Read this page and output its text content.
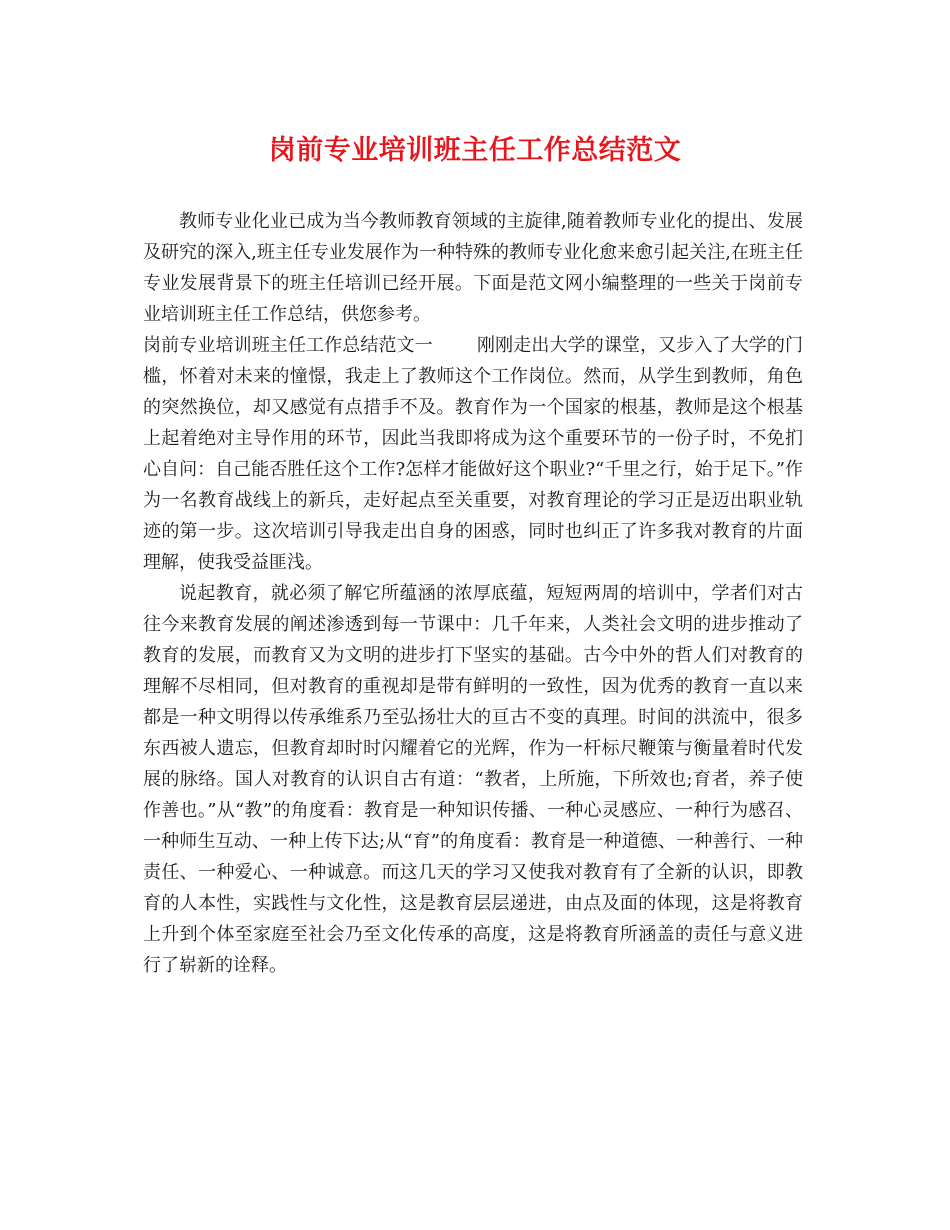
岗前专业培训班主任工作总结范文

教师专业化业已成为当今教师教育领域的主旋律,随着教师专业化的提出、发展及研究的深入,班主任专业发展作为一种特殊的教师专业化愈来愈引起关注,在班主任专业发展背景下的班主任培训已经开展。下面是范文网小编整理的一些关于岗前专业培训班主任工作总结，供您参考。

岗前专业培训班主任工作总结范文一 刚刚走出大学的课堂，又步入了大学的门槛，怀着对未来的憧憬，我走上了教师这个工作岗位。然而，从学生到教师，角色的突然换位，却又感觉有点措手不及。教育作为一个国家的根基，教师是这个根基上起着绝对主导作用的环节，因此当我即将成为这个重要环节的一份子时，不免扪心自问：自己能否胜任这个工作?怎样才能做好这个职业?“千里之行，始于足下。”作为一名教育战线上的新兵，走好起点至关重要，对教育理论的学习正是迈出职业轨迹的第一步。这次培训引导我走出自身的困惑，同时也纠正了许多我对教育的片面理解，使我受益匪浅。

说起教育，就必须了解它所蕴涵的浓厚底蕴，短短两周的培训中，学者们对古往今来教育发展的阐述渗透到每一节课中：几千年来，人类社会文明的进步推动了教育的发展，而教育又为文明的进步打下坚实的基础。古今中外的哲人们对教育的理解不尽相同，但对教育的重视却是带有鲜明的一致性，因为优秀的教育一直以来都是一种文明得以传承维系乃至弘扬壮大的亘古不变的真理。时间的洪流中，很多东西被人遗忘，但教育却时时闪耀着它的光辉，作为一杆标尺鞭策与衡量着时代发展的脉络。国人对教育的认识自古有道：“教者，上所施，下所效也;育者，养子使作善也。”从“教”的角度看：教育是一种知识传播、一种心灵感应、一种行为感召、一种师生互动、一种上传下达;从“育”的角度看：教育是一种道德、一种善行、一种责任、一种爱心、一种诚意。而这几天的学习又使我对教育有了全新的认识，即教育的人本性，实践性与文化性，这是教育层层递进，由点及面的体现，这是将教育上升到个体至家庭至社会乃至文化传承的高度，这是将教育所涵盖的责任与意义进行了崭新的诠释。
